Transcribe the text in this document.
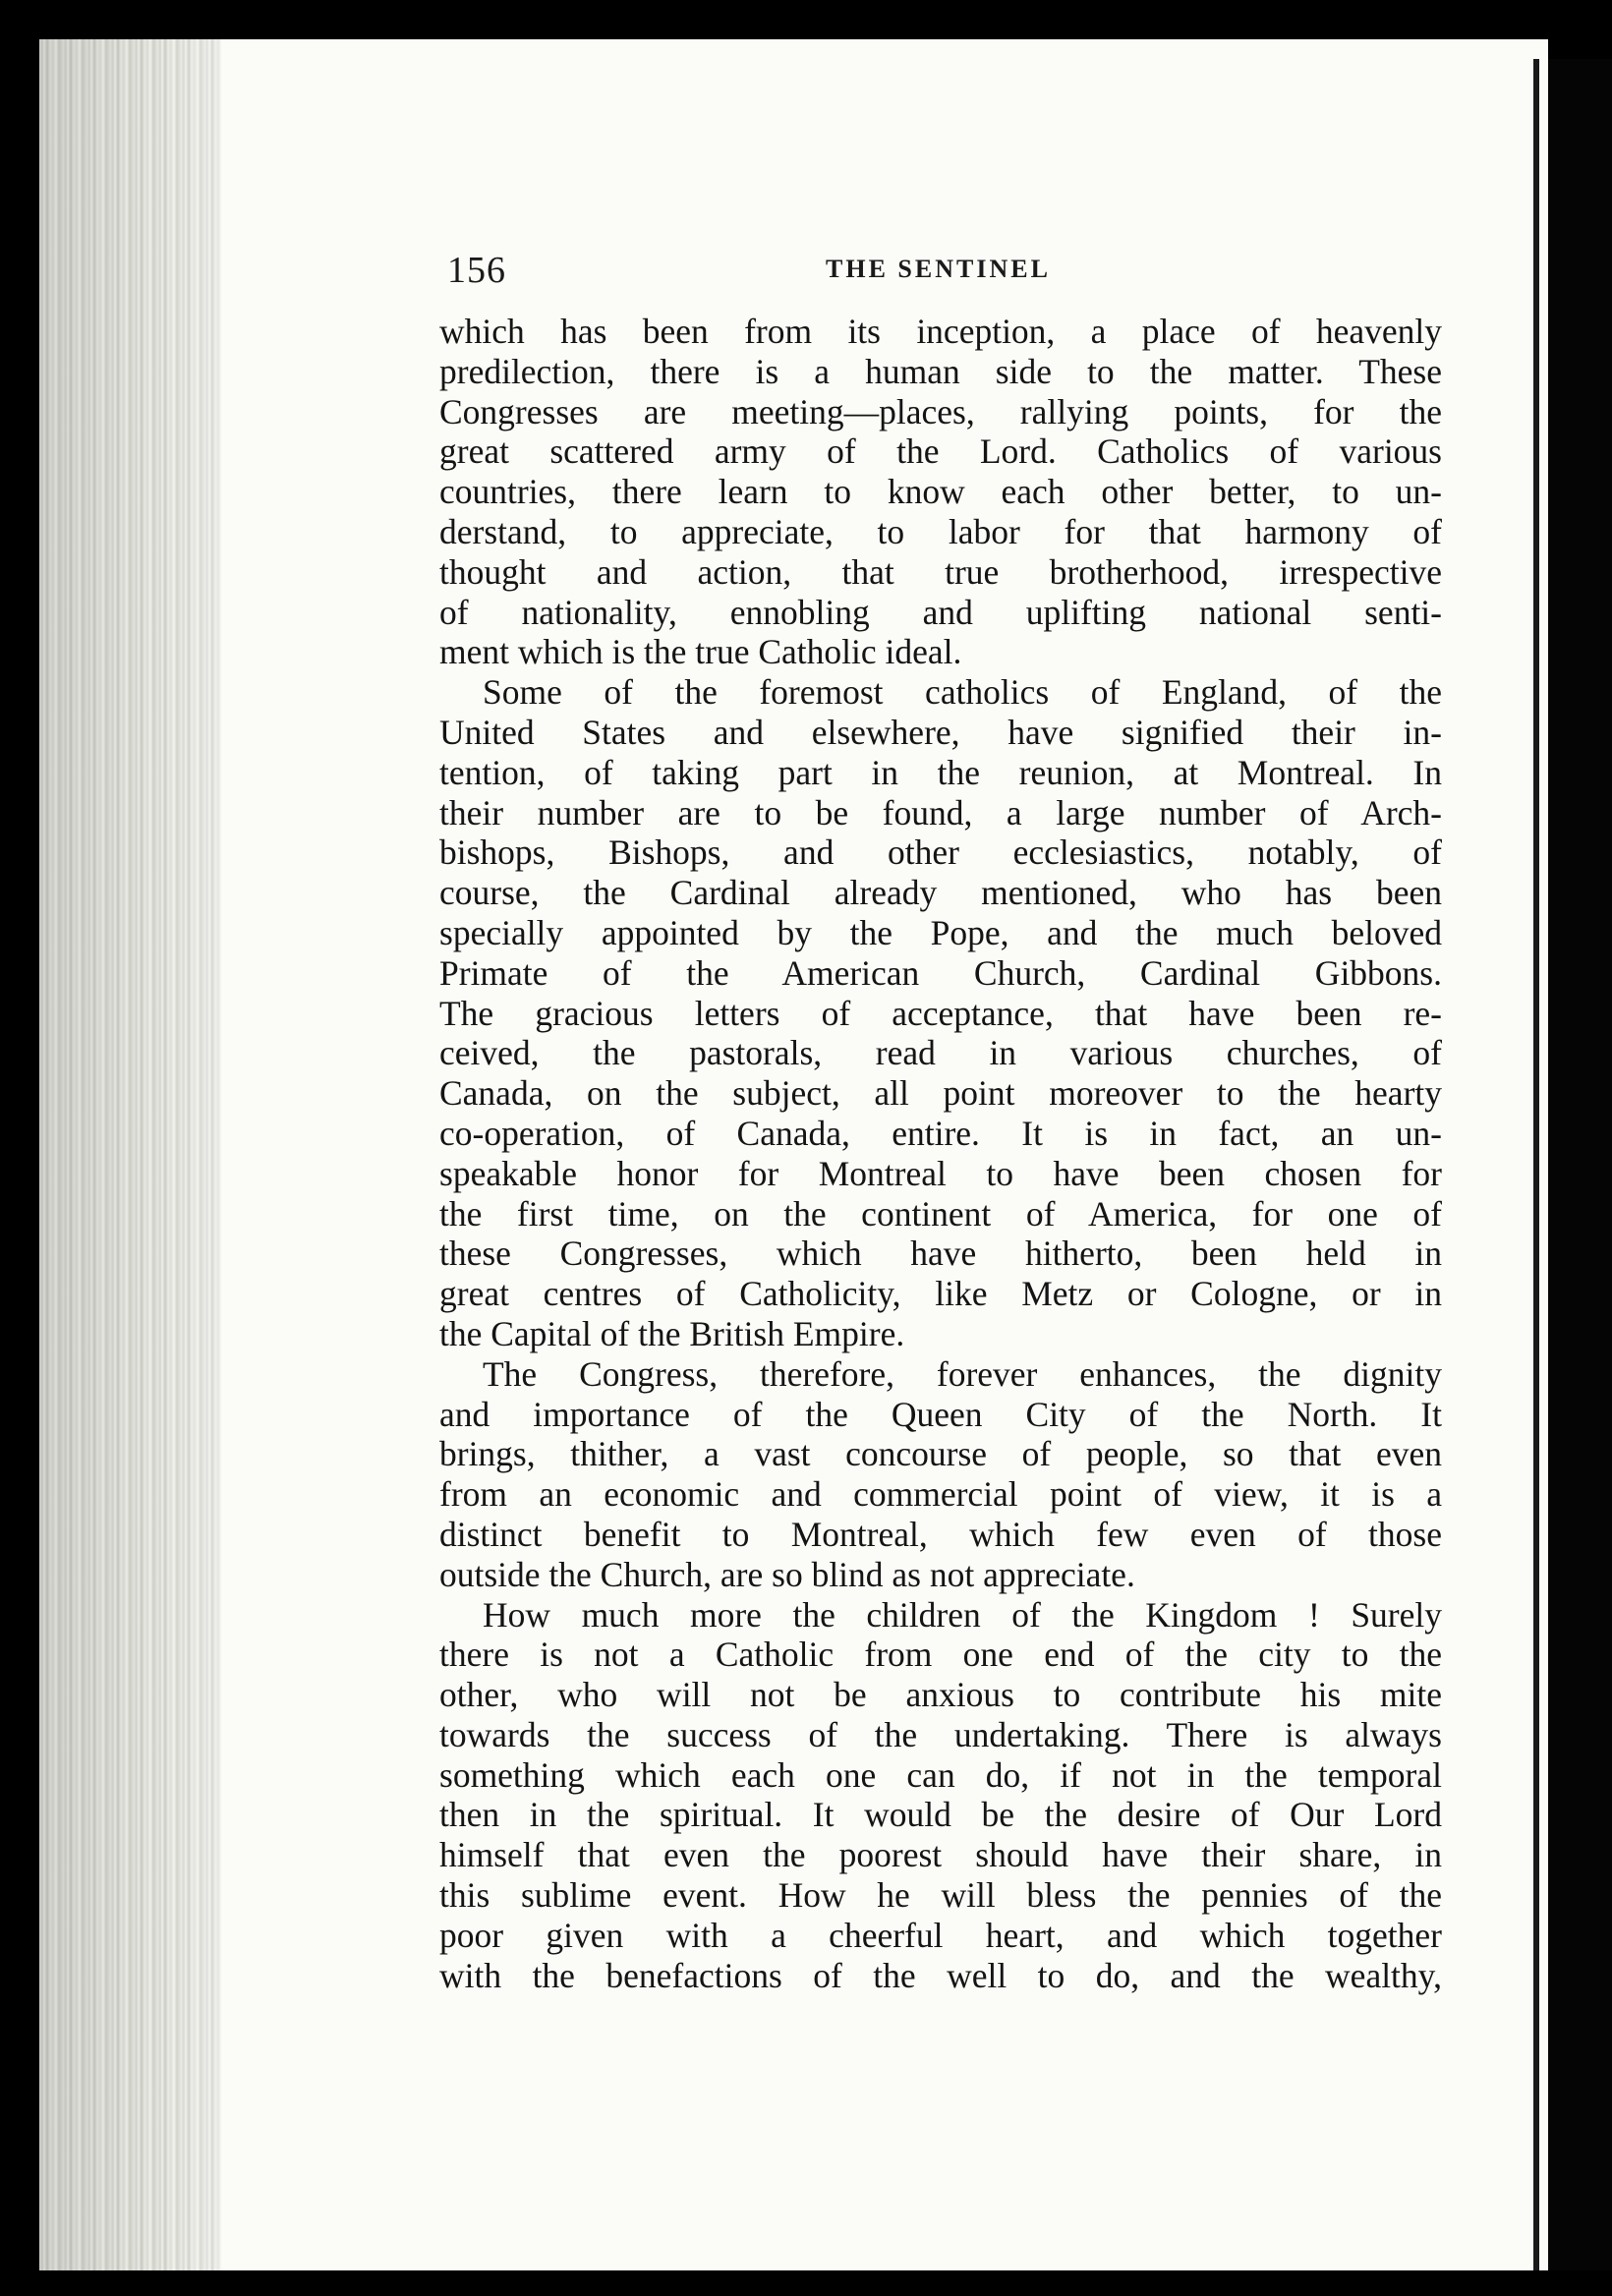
156	THE SENTINEL
which has been from its inception, a place of heavenly
predilection, there is a human side to the matter. These
Congresses are meeting—places, rallying points, for the
great scattered army of the Lord. Catholics of various
countries, there learn to know each other better, to un-
derstand, to appreciate, to labor for that harmony of
thought and action, that true brotherhood, irrespective
of nationality, ennobling and uplifting national senti-
ment which is the true Catholic ideal.
Some of the foremost catholics of England, of the
United States and elsewhere, have signified their in-
tention, of taking part in the reunion, at Montreal. In
their number are to be found, a large number of Arch-
bishops, Bishops, and other ecclesiastics, notably, of
course, the Cardinal already mentioned, who has been
specially appointed by the Pope, and the much beloved
Primate of the American Church, Cardinal Gibbons.
The gracious letters of acceptance, that have been re-
ceived, the pastorals, read in various churches, of
Canada, on the subject, all point moreover to the hearty
co-operation, of Canada, entire. It is in fact, an un-
speakable honor for Montreal to have been chosen for
the first time, on the continent of America, for one of
these Congresses, which have hitherto, been held in
great centres of Catholicity, like Metz or Cologne, or in
the Capital of the British Empire.
The Congress, therefore, forever enhances, the dignity
and importance of the Queen City of the North. It
brings, thither, a vast concourse of people, so that even
from an economic and commercial point of view, it is a
distinct benefit to Montreal, which few even of those
outside the Church, are so blind as not appreciate.
How much more the children of the Kingdom ! Surely
there is not a Catholic from one end of the city to the
other, who will not be anxious to contribute his mite
towards the success of the undertaking. There is always
something which each one can do, if not in the temporal
then in the spiritual. It would be the desire of Our Lord
himself that even the poorest should have their share, in
this sublime event. How he will bless the pennies of the
poor given with a cheerful heart, and which together
with the benefactions of the well to do, and the wealthy,
